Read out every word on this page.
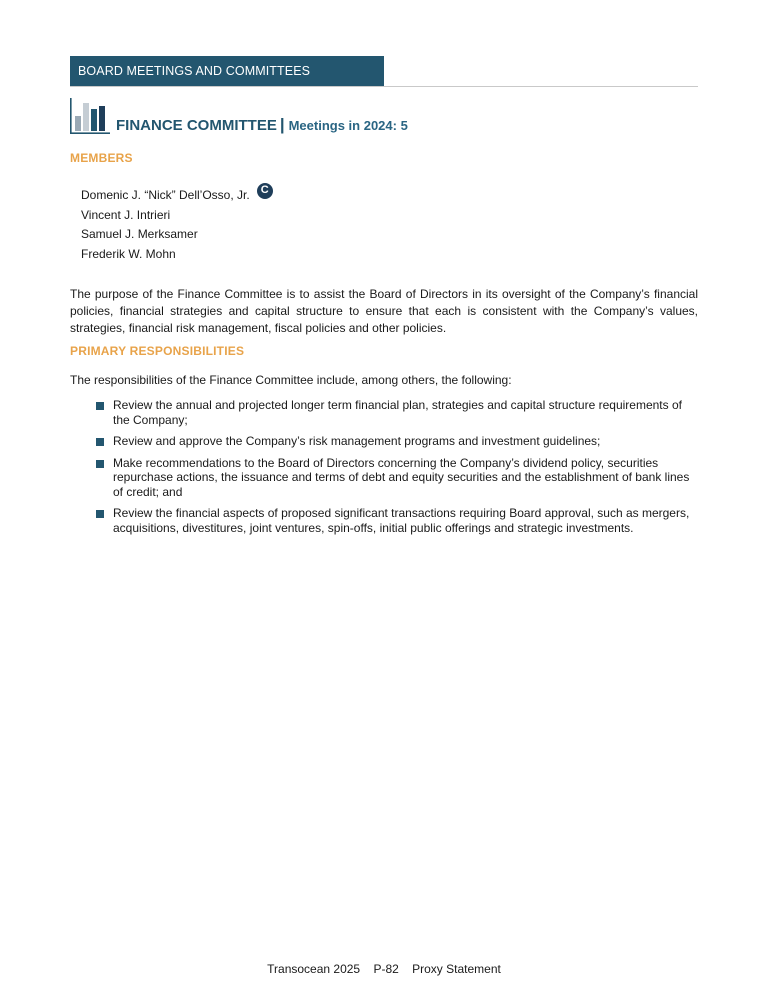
BOARD MEETINGS AND COMMITTEES
FINANCE COMMITTEE | Meetings in 2024: 5
MEMBERS
Domenic J. “Nick” Dell’Osso, Jr.	C
Vincent J. Intrieri
Samuel J. Merksamer
Frederik W. Mohn

The purpose of the Finance Committee is to assist the Board of Directors in its oversight of the Company’s financial policies, financial strategies and capital structure to ensure that each is consistent with the Company’s values, strategies, financial risk management, fiscal policies and other policies.

PRIMARY RESPONSIBILITIES

The responsibilities of the Finance Committee include, among others, the following:

Review the annual and projected longer term financial plan, strategies and capital structure requirements of the Company;
Review and approve the Company’s risk management programs and investment guidelines;
Make recommendations to the Board of Directors concerning the Company’s dividend policy, securities repurchase actions, the issuance and terms of debt and equity securities and the establishment of bank lines of credit; and
Review the financial aspects of proposed significant transactions requiring Board approval, such as mergers, acquisitions, divestitures, joint ventures, spin-offs, initial public offerings and strategic investments.
Transocean 2025    P-82    Proxy Statement
